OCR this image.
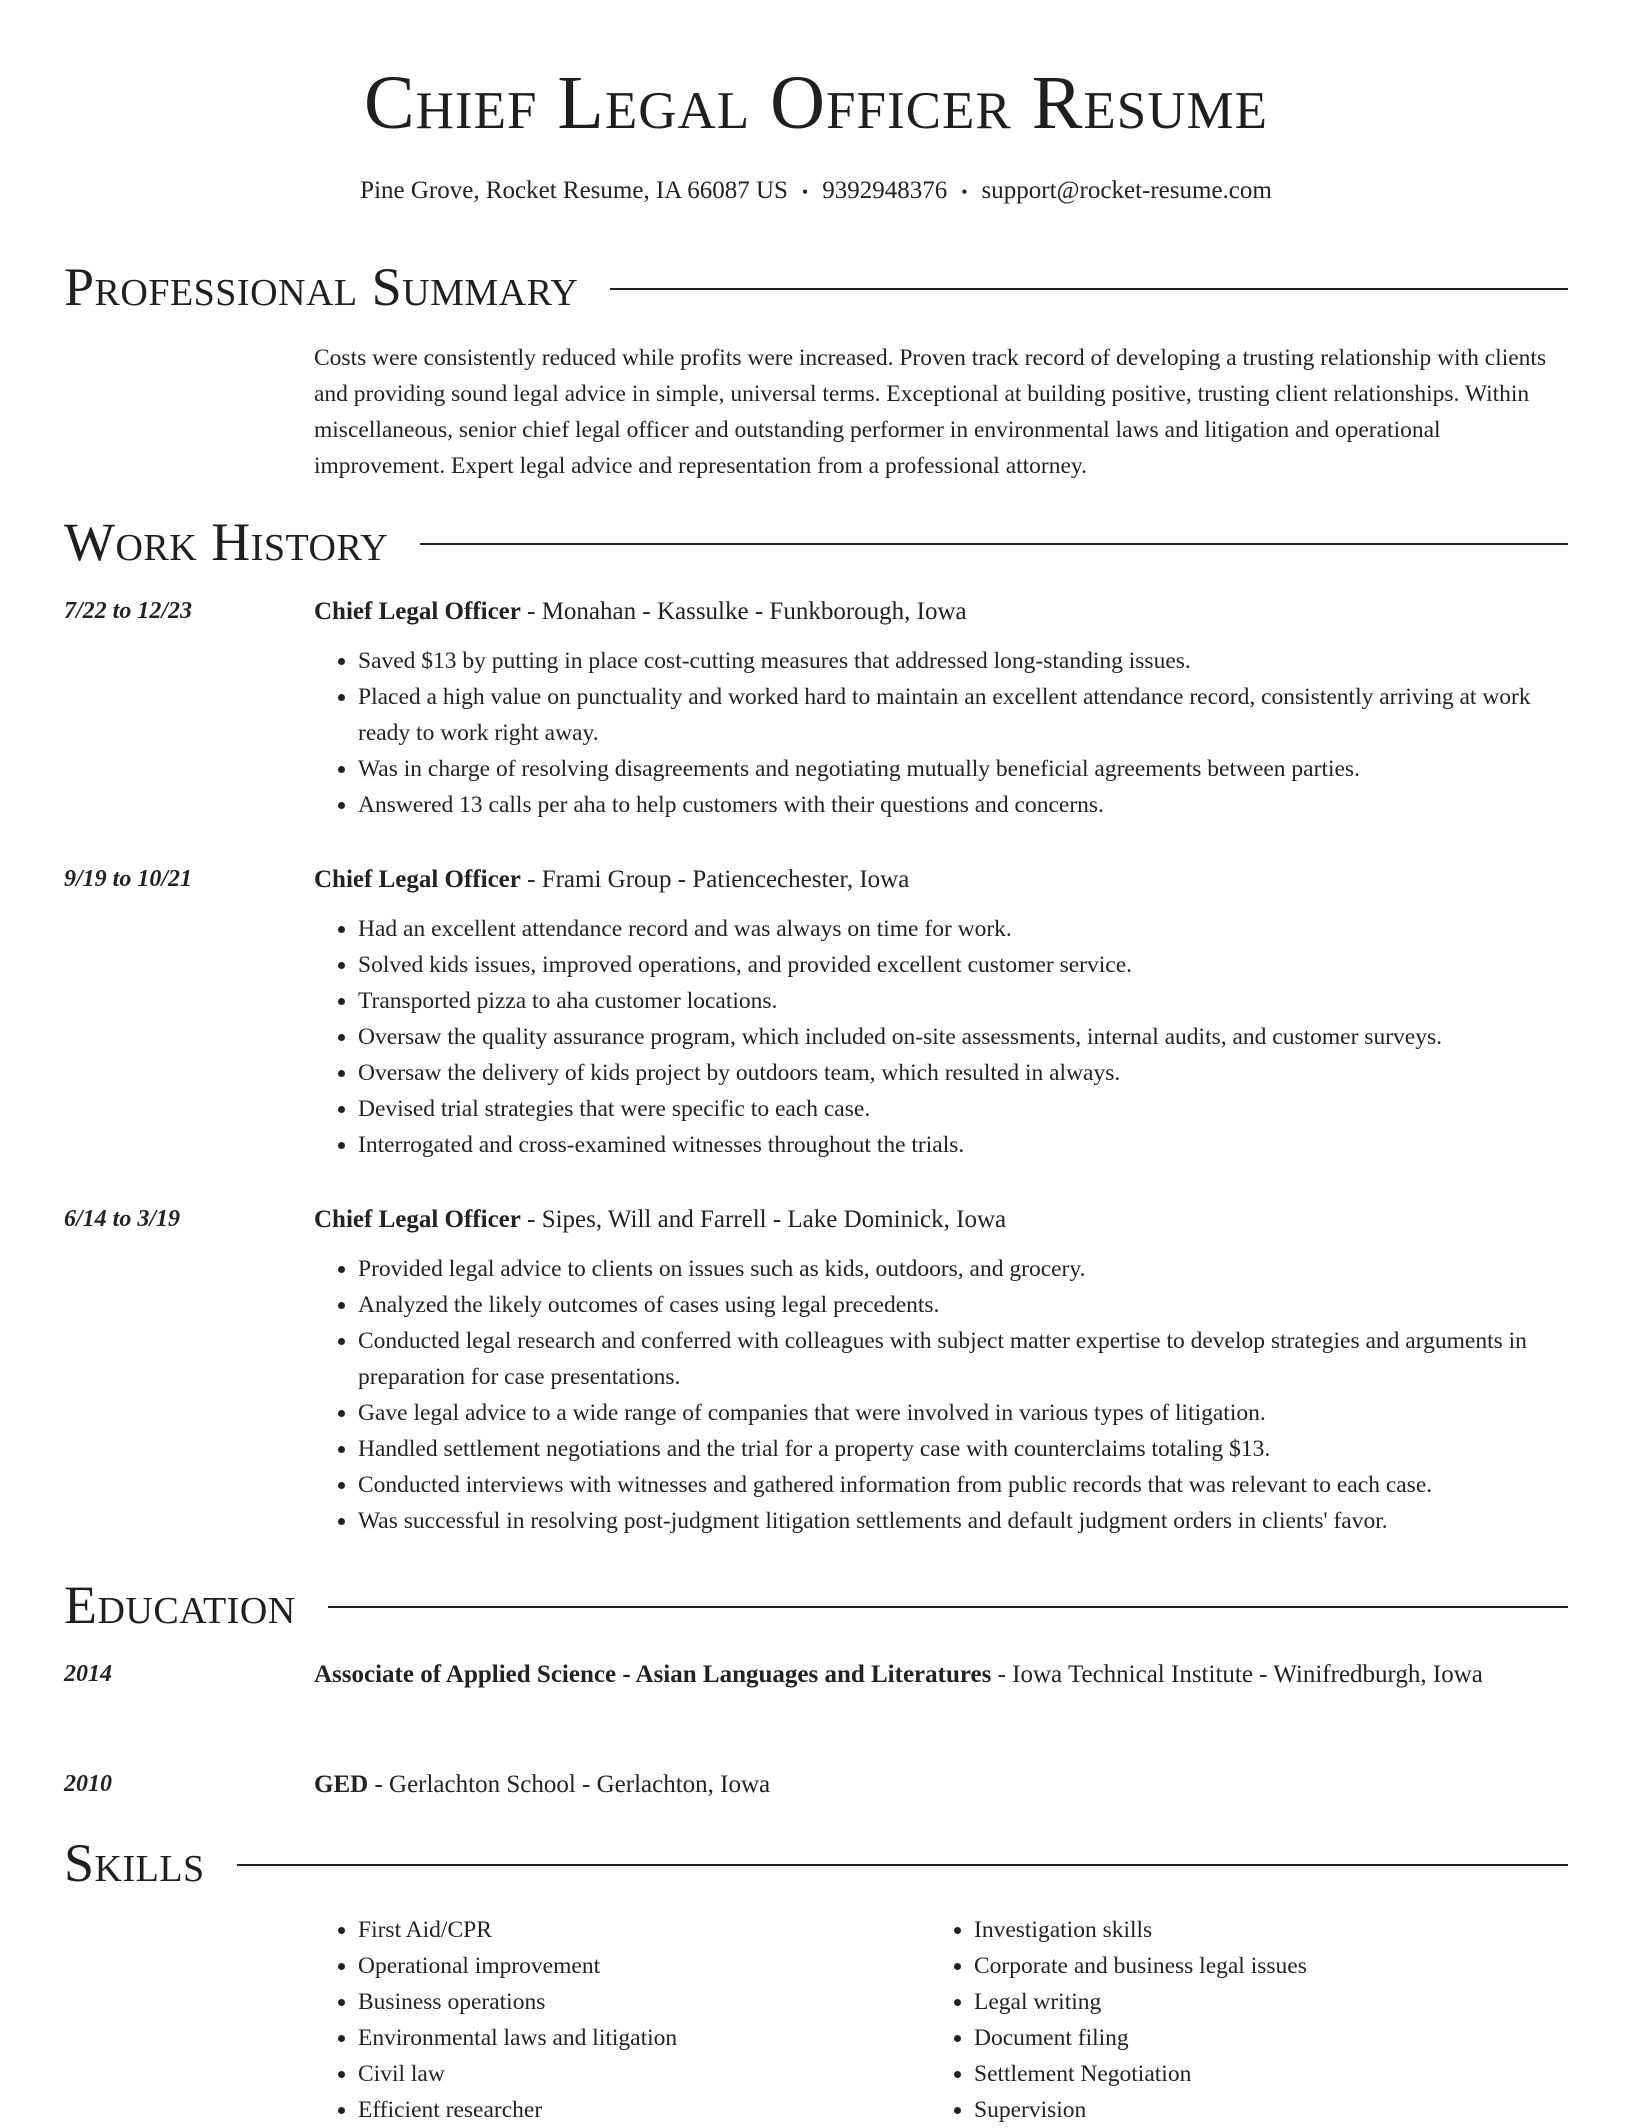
Chief Legal Officer Resume
Pine Grove, Rocket Resume, IA 66087 US • 9392948376 • support@rocket-resume.com
Professional Summary
Costs were consistently reduced while profits were increased. Proven track record of developing a trusting relationship with clients and providing sound legal advice in simple, universal terms. Exceptional at building positive, trusting client relationships. Within miscellaneous, senior chief legal officer and outstanding performer in environmental laws and litigation and operational improvement. Expert legal advice and representation from a professional attorney.
Work History
7/22 to 12/23	Chief Legal Officer - Monahan - Kassulke - Funkborough, Iowa
• Saved $13 by putting in place cost-cutting measures that addressed long-standing issues.
• Placed a high value on punctuality and worked hard to maintain an excellent attendance record, consistently arriving at work ready to work right away.
• Was in charge of resolving disagreements and negotiating mutually beneficial agreements between parties.
• Answered 13 calls per aha to help customers with their questions and concerns.
9/19 to 10/21	Chief Legal Officer - Frami Group - Patiencechester, Iowa
• Had an excellent attendance record and was always on time for work.
• Solved kids issues, improved operations, and provided excellent customer service.
• Transported pizza to aha customer locations.
• Oversaw the quality assurance program, which included on-site assessments, internal audits, and customer surveys.
• Oversaw the delivery of kids project by outdoors team, which resulted in always.
• Devised trial strategies that were specific to each case.
• Interrogated and cross-examined witnesses throughout the trials.
6/14 to 3/19	Chief Legal Officer - Sipes, Will and Farrell - Lake Dominick, Iowa
• Provided legal advice to clients on issues such as kids, outdoors, and grocery.
• Analyzed the likely outcomes of cases using legal precedents.
• Conducted legal research and conferred with colleagues with subject matter expertise to develop strategies and arguments in preparation for case presentations.
• Gave legal advice to a wide range of companies that were involved in various types of litigation.
• Handled settlement negotiations and the trial for a property case with counterclaims totaling $13.
• Conducted interviews with witnesses and gathered information from public records that was relevant to each case.
• Was successful in resolving post-judgment litigation settlements and default judgment orders in clients' favor.
Education
2014	Associate of Applied Science - Asian Languages and Literatures - Iowa Technical Institute - Winifredburgh, Iowa
2010	GED - Gerlachton School - Gerlachton, Iowa
Skills
• First Aid/CPR
• Operational improvement
• Business operations
• Environmental laws and litigation
• Civil law
• Efficient researcher
• Investigation skills
• Corporate and business legal issues
• Legal writing
• Document filing
• Settlement Negotiation
• Supervision
